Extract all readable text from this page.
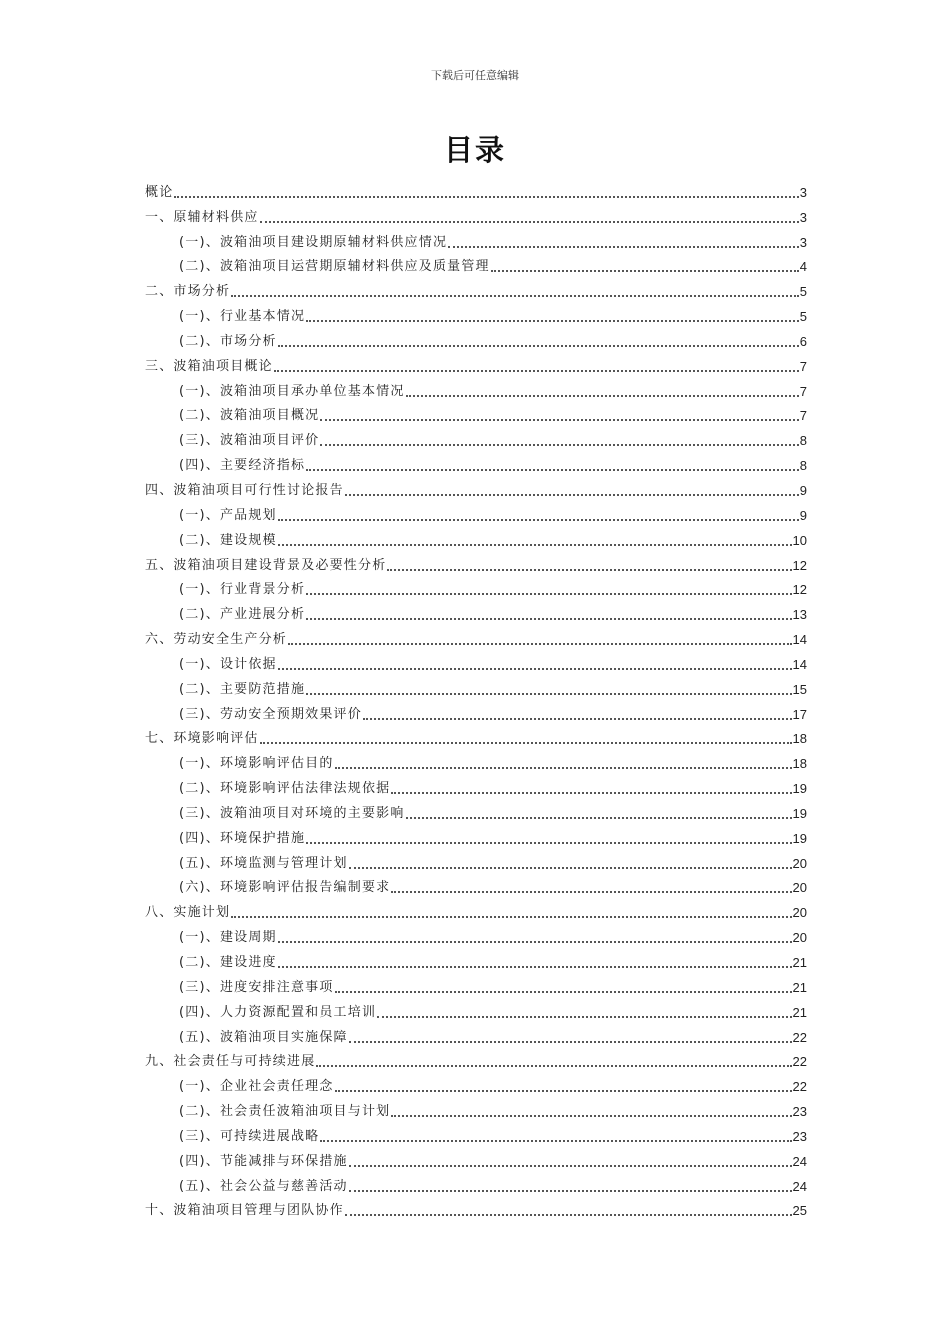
下载后可任意编辑
目录
概论	3
一、原辅材料供应	3
(一)、波箱油项目建设期原辅材料供应情况	3
(二)、波箱油项目运营期原辅材料供应及质量管理	4
二、市场分析	5
(一)、行业基本情况	5
(二)、市场分析	6
三、波箱油项目概论	7
(一)、波箱油项目承办单位基本情况	7
(二)、波箱油项目概况	7
(三)、波箱油项目评价	8
(四)、主要经济指标	8
四、波箱油项目可行性讨论报告	9
(一)、产品规划	9
(二)、建设规模	10
五、波箱油项目建设背景及必要性分析	12
(一)、行业背景分析	12
(二)、产业进展分析	13
六、劳动安全生产分析	14
(一)、设计依据	14
(二)、主要防范措施	15
(三)、劳动安全预期效果评价	17
七、环境影响评估	18
(一)、环境影响评估目的	18
(二)、环境影响评估法律法规依据	19
(三)、波箱油项目对环境的主要影响	19
(四)、环境保护措施	19
(五)、环境监测与管理计划	20
(六)、环境影响评估报告编制要求	20
八、实施计划	20
(一)、建设周期	20
(二)、建设进度	21
(三)、进度安排注意事项	21
(四)、人力资源配置和员工培训	21
(五)、波箱油项目实施保障	22
九、社会责任与可持续进展	22
(一)、企业社会责任理念	22
(二)、社会责任波箱油项目与计划	23
(三)、可持续进展战略	23
(四)、节能减排与环保措施	24
(五)、社会公益与慈善活动	24
十、波箱油项目管理与团队协作	25
